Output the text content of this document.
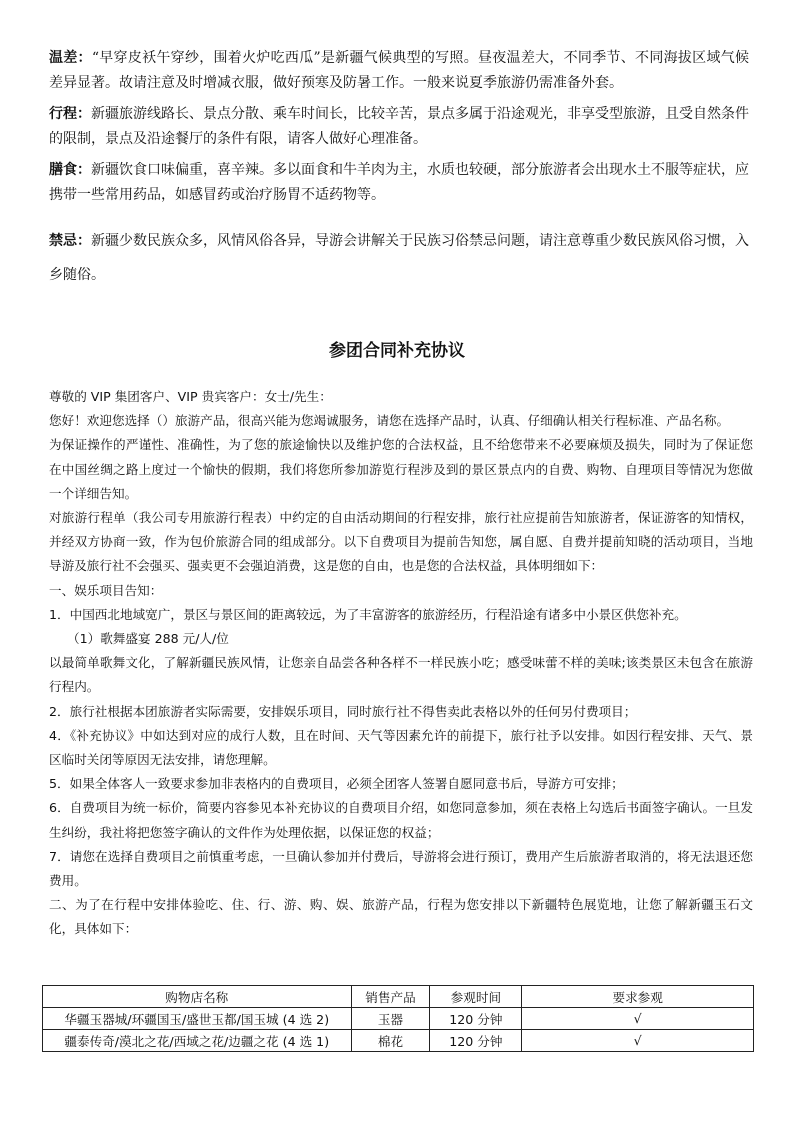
温差：“早穿皮袄午穿纱，围着火炉吃西瓜”是新疆气候典型的写照。昼夜温差大，不同季节、不同海拔区域气候差异显著。故请注意及时增减衣服，做好预寒及防暑工作。一般来说夏季旅游仍需准备外套。

行程：新疆旅游线路长、景点分散、乘车时间长，比较辛苦，景点多属于沿途观光，非享受型旅游，且受自然条件的限制，景点及沿途餐厅的条件有限，请客人做好心理准备。

膳食：新疆饮食口味偏重，喜辛辣。多以面食和牛羊肉为主，水质也较硬，部分旅游者会出现水土不服等症状，应携带一些常用药品，如感冒药或治疗肠胃不适药物等。

禁忌：新疆少数民族众多，风情风俗各异，导游会讲解关于民族习俗禁忌问题，请注意尊重少数民族风俗习惯，入乡随俗。

参团合同补充协议

尊敬的 VIP 集团客户、VIP 贵宾客户：女士/先生：

您好！欢迎您选择（）旅游产品，很高兴能为您竭诚服务，请您在选择产品时，认真、仔细确认相关行程标准、产品名称。

为保证操作的严谨性、准确性，为了您的旅途愉快以及维护您的合法权益，且不给您带来不必要麻烦及损失，同时为了保证您在中国丝绸之路上度过一个愉快的假期，我们将您所参加游览行程涉及到的景区景点内的自费、购物、自理项目等情况为您做一个详细告知。

对旅游行程单（我公司专用旅游行程表）中约定的自由活动期间的行程安排，旅行社应提前告知旅游者，保证游客的知情权，并经双方协商一致，作为包价旅游合同的组成部分。以下自费项目为提前告知您，属自愿、自费并提前知晓的活动项目，当地导游及旅行社不会强买、强卖更不会强迫消费，这是您的自由，也是您的合法权益，具体明细如下：

一、娱乐项目告知：

1．中国西北地域宽广，景区与景区间的距离较远，为了丰富游客的旅游经历，行程沿途有诸多中小景区供您补充。

（1）歌舞盛宴 288 元/人/位

以最简单歌舞文化，了解新疆民族风情，让您亲自品尝各种各样不一样民族小吃；感受味蕾不样的美味;该类景区未包含在旅游行程内。

2．旅行社根据本团旅游者实际需要，安排娱乐项目，同时旅行社不得售卖此表格以外的任何另付费项目；

4．《补充协议》中如达到对应的成行人数，且在时间、天气等因素允许的前提下，旅行社予以安排。如因行程安排、天气、景区临时关闭等原因无法安排，请您理解。

5．如果全体客人一致要求参加非表格内的自费项目，必须全团客人签署自愿同意书后，导游方可安排；

6．自费项目为统一标价，简要内容参见本补充协议的自费项目介绍，如您同意参加，须在表格上勾选后书面签字确认。一旦发生纠纷，我社将把您签字确认的文件作为处理依据，以保证您的权益；

7．请您在选择自费项目之前慎重考虑，一旦确认参加并付费后，导游将会进行预订，费用产生后旅游者取消的，将无法退还您费用。

二、为了在行程中安排体验吃、住、行、游、购、娱、旅游产品，行程为您安排以下新疆特色展览地，让您了解新疆玉石文化，具体如下：

购物店名称	销售产品	参观时间	要求参观
华疆玉器城/环疆国玉/盛世玉都/国玉城 (4 选 2)	玉器	120 分钟	√
疆泰传奇/漠北之花/西域之花/边疆之花 (4 选 1)	棉花	120 分钟	√
